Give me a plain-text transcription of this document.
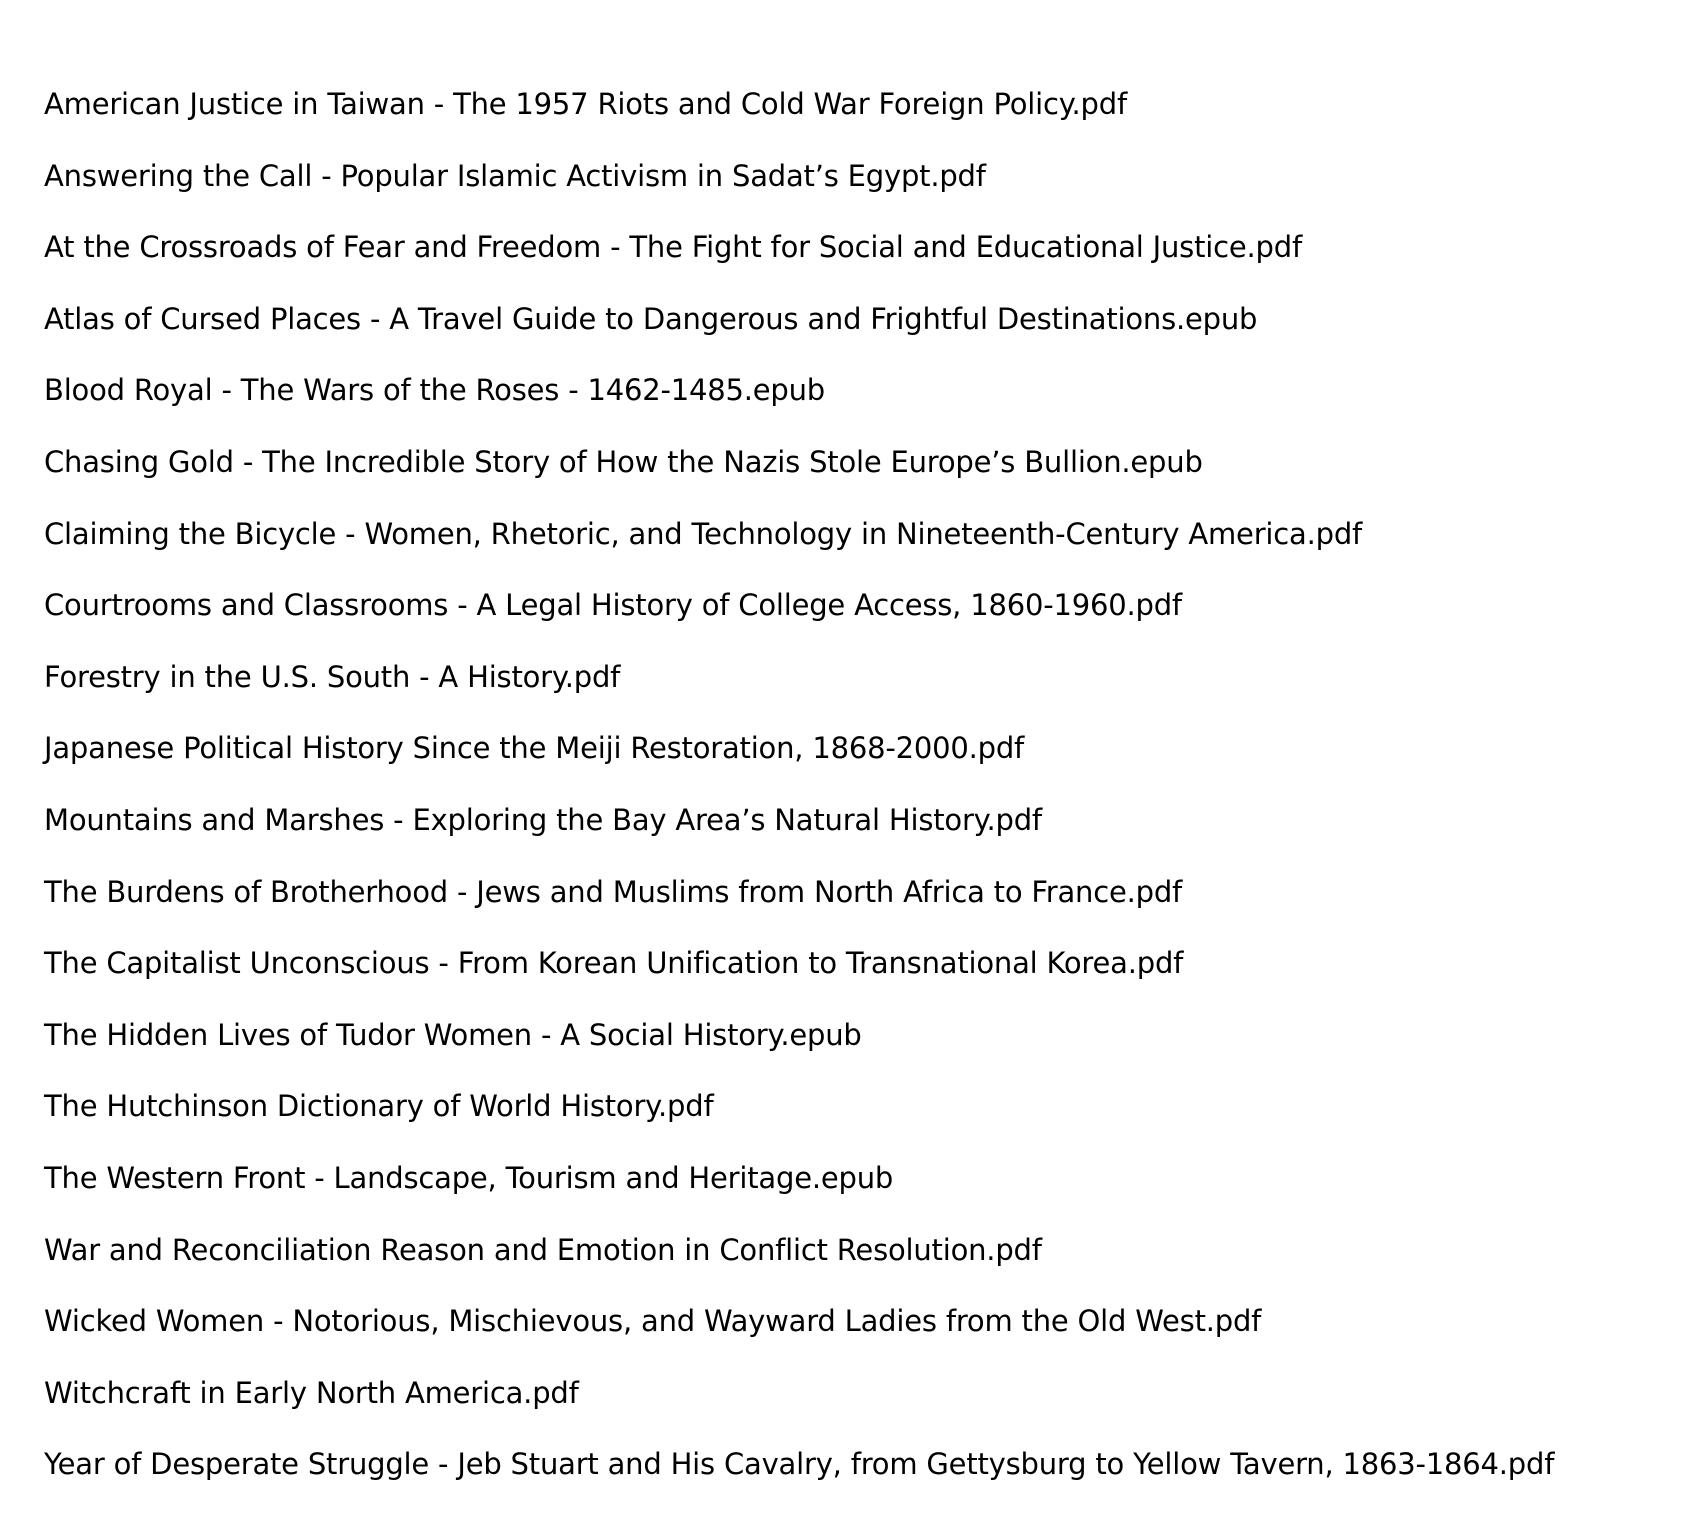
American Justice in Taiwan - The 1957 Riots and Cold War Foreign Policy.pdf
Answering the Call - Popular Islamic Activism in Sadat’s Egypt.pdf
At the Crossroads of Fear and Freedom - The Fight for Social and Educational Justice.pdf
Atlas of Cursed Places - A Travel Guide to Dangerous and Frightful Destinations.epub
Blood Royal - The Wars of the Roses - 1462-1485.epub
Chasing Gold - The Incredible Story of How the Nazis Stole Europe’s Bullion.epub
Claiming the Bicycle - Women, Rhetoric, and Technology in Nineteenth-Century America.pdf
Courtrooms and Classrooms - A Legal History of College Access, 1860-1960.pdf
Forestry in the U.S. South - A History.pdf
Japanese Political History Since the Meiji Restoration, 1868-2000.pdf
Mountains and Marshes - Exploring the Bay Area’s Natural History.pdf
The Burdens of Brotherhood - Jews and Muslims from North Africa to France.pdf
The Capitalist Unconscious - From Korean Unification to Transnational Korea.pdf
The Hidden Lives of Tudor Women - A Social History.epub
The Hutchinson Dictionary of World History.pdf
The Western Front - Landscape, Tourism and Heritage.epub
War and Reconciliation Reason and Emotion in Conflict Resolution.pdf
Wicked Women - Notorious, Mischievous, and Wayward Ladies from the Old West.pdf
Witchcraft in Early North America.pdf
Year of Desperate Struggle - Jeb Stuart and His Cavalry, from Gettysburg to Yellow Tavern, 1863-1864.pdf
